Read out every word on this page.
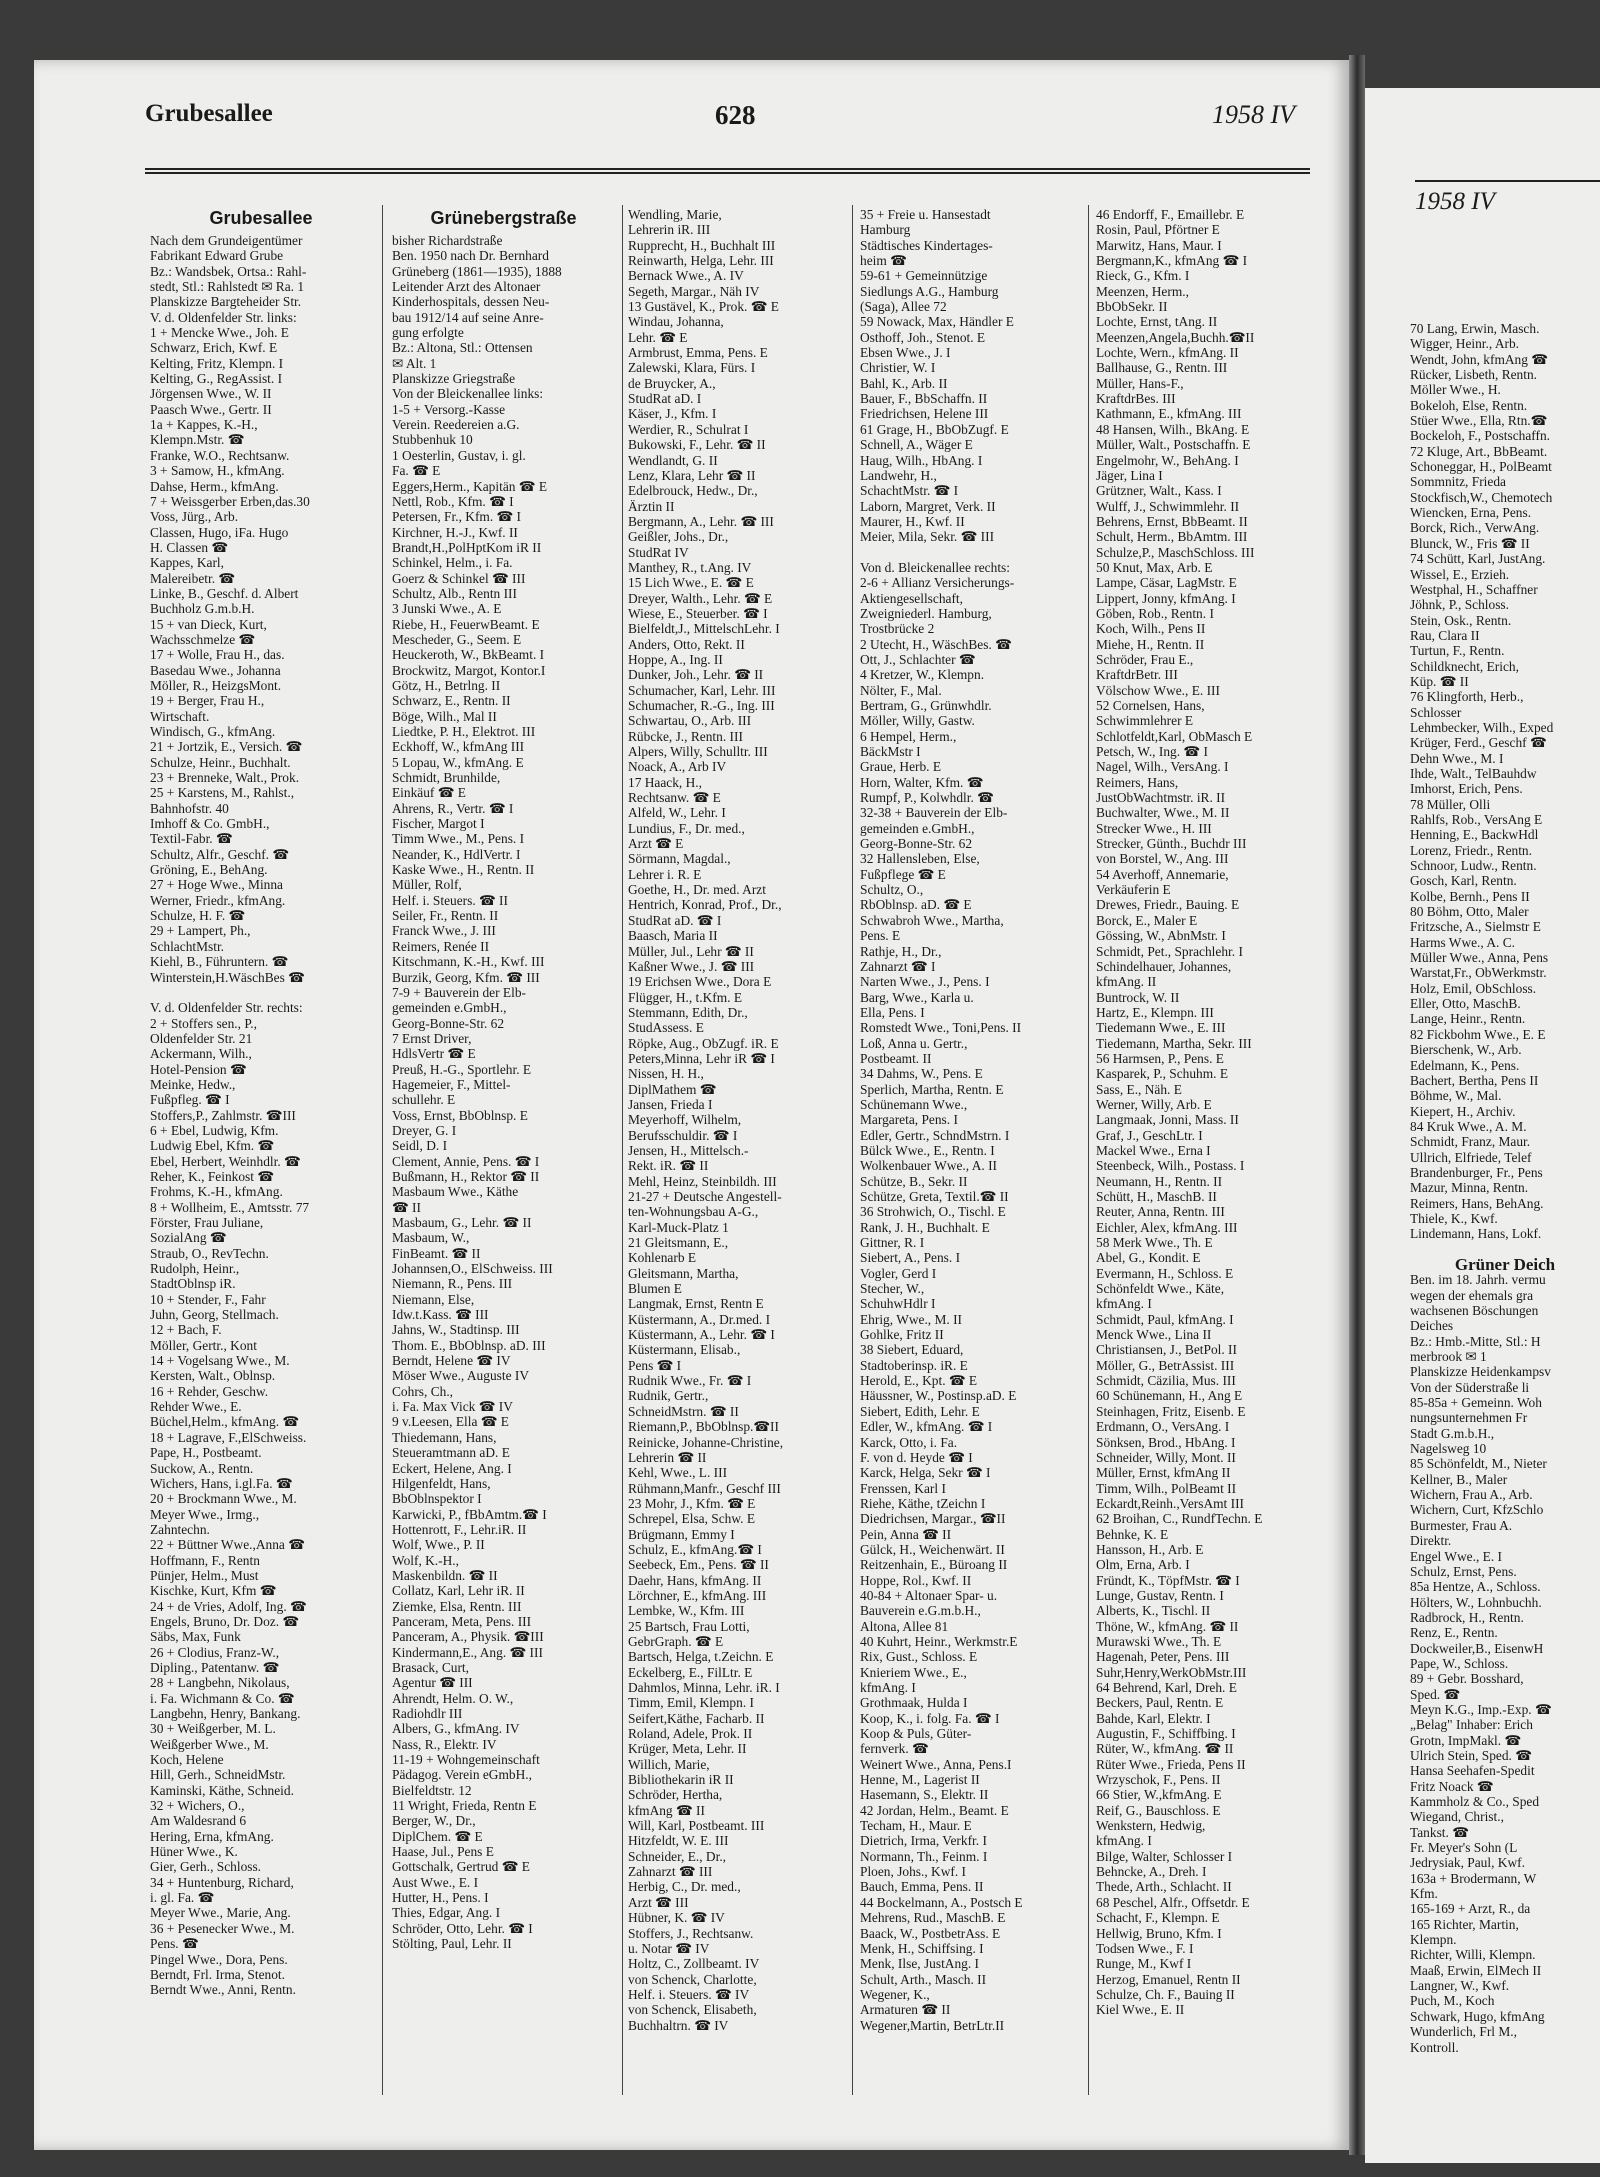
1958 IV
70 Lang, Erwin, Masch.
Wigger, Heinr., Arb.
Wendt, John, kfmAng ☎
Rücker, Lisbeth, Rentn.
Möller Wwe., H.
Bokeloh, Else, Rentn.
Stüer Wwe., Ella, Rtn.☎
Bockeloh, F., Postschaffn.
72 Kluge, Art., BbBeamt.
Schoneggar, H., PolBeamt
Sommnitz, Frieda
Stockfisch,W., Chemotech
Wiencken, Erna, Pens.
Borck, Rich., VerwAng.
Blunck, W., Fris ☎ II
74 Schütt, Karl, JustAng.
Wissel, E., Erzieh.
Westphal, H., Schaffner
Jöhnk, P., Schloss.
Stein, Osk., Rentn.
Rau, Clara II
Turtun, F., Rentn.
Schildknecht, Erich,
Küp. ☎ II
76 Klingforth, Herb.,
Schlosser
Lehmbecker, Wilh., Exped
Krüger, Ferd., Geschf ☎
Dehn Wwe., M. I
Ihde, Walt., TelBauhdw
Imhorst, Erich, Pens.
78 Müller, Olli
Rahlfs, Rob., VersAng E
Henning, E., BackwHdl
Lorenz, Friedr., Rentn.
Schnoor, Ludw., Rentn.
Gosch, Karl, Rentn.
Kolbe, Bernh., Pens II
80 Böhm, Otto, Maler
Fritzsche, A., Sielmstr E
Harms Wwe., A. C.
Müller Wwe., Anna, Pens
Warstat,Fr., ObWerkmstr.
Holz, Emil, ObSchloss.
Eller, Otto, MaschB.
Lange, Heinr., Rentn.
82 Fickbohm Wwe., E. E
Bierschenk, W., Arb.
Edelmann, K., Pens.
Bachert, Bertha, Pens II
Böhme, W., Mal.
Kiepert, H., Archiv.
84 Kruk Wwe., A. M.
Schmidt, Franz, Maur.
Ullrich, Elfriede, Telef
Brandenburger, Fr., Pens
Mazur, Minna, Rentn.
Reimers, Hans, BehAng.
Thiele, K., Kwf.
Lindemann, Hans, Lokf.

Grüner Deich
Ben. im 18. Jahrh. vermu
wegen der ehemals gra
wachsenen Böschungen
Deiches
Bz.: Hmb.-Mitte, Stl.: H
merbrook ✉ 1
Planskizze Heidenkampsv
Von der Süderstraße li
85-85a + Gemeinn. Woh
nungsunternehmen Fr
Stadt G.m.b.H.,
Nagelsweg 10
85 Schönfeldt, M., Nieter
Kellner, B., Maler
Wichern, Frau A., Arb.
Wichern, Curt, KfzSchlo
Burmester, Frau A.
Direktr.
Engel Wwe., E. I
Schulz, Ernst, Pens.
85a Hentze, A., Schloss.
Hölters, W., Lohnbuchh.
Radbrock, H., Rentn.
Renz, E., Rentn.
Dockweiler,B., EisenwH
Pape, W., Schloss.
89 + Gebr. Bosshard,
Sped. ☎
Meyn K.G., Imp.-Exp. ☎
„Belag" Inhaber: Erich
Grotn, ImpMakl. ☎
Ulrich Stein, Sped. ☎
Hansa Seehafen-Spedit
Fritz Noack ☎
Kammholz & Co., Sped
Wiegand, Christ.,
Tankst. ☎
Fr. Meyer's Sohn (L
Jedrysiak, Paul, Kwf.
163a + Brodermann, W
Kfm.
165-169 + Arzt, R., da
165 Richter, Martin,
Klempn.
Richter, Willi, Klempn.
Maaß, Erwin, ElMech II
Langner, W., Kwf.
Puch, M., Koch
Schwark, Hugo, kfmAng
Wunderlich, Frl M.,
Kontroll.
Grubesallee	628	1958 IV
Grubesallee
Nach dem Grundeigentümer
Fabrikant Edward Grube
Bz.: Wandsbek, Ortsa.: Rahl-
stedt, Stl.: Rahlstedt ✉ Ra. 1
Planskizze Bargteheider Str.
V. d. Oldenfelder Str. links:
1 + Mencke Wwe., Joh. E
Schwarz, Erich, Kwf. E
Kelting, Fritz, Klempn. I
Kelting, G., RegAssist. I
Jörgensen Wwe., W. II
Paasch Wwe., Gertr. II
1a + Kappes, K.-H.,
Klempn.Mstr. ☎
Franke, W.O., Rechtsanw.
3 + Samow, H., kfmAng.
Dahse, Herm., kfmAng.
7 + Weissgerber Erben,das.30
Voss, Jürg., Arb.
Classen, Hugo, iFa. Hugo
H. Classen ☎
Kappes, Karl,
Malereibetr. ☎
Linke, B., Geschf. d. Albert
Buchholz G.m.b.H.
15 + van Dieck, Kurt,
Wachsschmelze ☎
17 + Wolle, Frau H., das.
Basedau Wwe., Johanna
Möller, R., HeizgsMont.
19 + Berger, Frau H.,
Wirtschaft.
Windisch, G., kfmAng.
21 + Jortzik, E., Versich. ☎
Schulze, Heinr., Buchhalt.
23 + Brenneke, Walt., Prok.
25 + Karstens, M., Rahlst.,
Bahnhofstr. 40
Imhoff & Co. GmbH.,
Textil-Fabr. ☎
Schultz, Alfr., Geschf. ☎
Gröning, E., BehAng.
27 + Hoge Wwe., Minna
Werner, Friedr., kfmAng.
Schulze, H. F. ☎
29 + Lampert, Ph.,
SchlachtMstr.
Kiehl, B., Führuntern. ☎
Winterstein,H.WäschBes ☎

V. d. Oldenfelder Str. rechts:
2 + Stoffers sen., P.,
Oldenfelder Str. 21
Ackermann, Wilh.,
Hotel-Pension ☎
Meinke, Hedw.,
Fußpfleg. ☎ I
Stoffers,P., Zahlmstr. ☎III
6 + Ebel, Ludwig, Kfm.
Ludwig Ebel, Kfm. ☎
Ebel, Herbert, Weinhdlr. ☎
Reher, K., Feinkost ☎
Frohms, K.-H., kfmAng.
8 + Wollheim, E., Amtsstr. 77
Förster, Frau Juliane,
SozialAng ☎
Straub, O., RevTechn.
Rudolph, Heinr.,
StadtOblnsp iR.
10 + Stender, F., Fahr
Juhn, Georg, Stellmach.
12 + Bach, F.
Möller, Gertr., Kont
14 + Vogelsang Wwe., M.
Kersten, Walt., Oblnsp.
16 + Rehder, Geschw.
Rehder Wwe., E.
Büchel,Helm., kfmAng. ☎
18 + Lagrave, F.,ElSchweiss.
Pape, H., Postbeamt.
Suckow, A., Rentn.
Wichers, Hans, i.gl.Fa. ☎
20 + Brockmann Wwe., M.
Meyer Wwe., Irmg.,
Zahntechn.
22 + Büttner Wwe.,Anna ☎
Hoffmann, F., Rentn
Pünjer, Helm., Must
Kischke, Kurt, Kfm ☎
24 + de Vries, Adolf, Ing. ☎
Engels, Bruno, Dr. Doz. ☎
Säbs, Max, Funk
26 + Clodius, Franz-W.,
Dipling., Patentanw. ☎
28 + Langbehn, Nikolaus,
i. Fa. Wichmann & Co. ☎
Langbehn, Henry, Bankang.
30 + Weißgerber, M. L.
Weißgerber Wwe., M.
Koch, Helene
Hill, Gerh., SchneidMstr.
Kaminski, Käthe, Schneid.
32 + Wichers, O.,
Am Waldesrand 6
Hering, Erna, kfmAng.
Hüner Wwe., K.
Gier, Gerh., Schloss.
34 + Huntenburg, Richard,
i. gl. Fa. ☎
Meyer Wwe., Marie, Ang.
36 + Pesenecker Wwe., M.
Pens. ☎
Pingel Wwe., Dora, Pens.
Berndt, Frl. Irma, Stenot.
Berndt Wwe., Anni, Rentn.
Grünebergstraße
bisher Richardstraße
Ben. 1950 nach Dr. Bernhard
Grüneberg (1861—1935), 1888
Leitender Arzt des Altonaer
Kinderhospitals, dessen Neu-
bau 1912/14 auf seine Anre-
gung erfolgte
Bz.: Altona, Stl.: Ottensen
✉ Alt. 1
Planskizze Griegstraße
Von der Bleickenallee links:
1-5 + Versorg.-Kasse
Verein. Reedereien a.G.
Stubbenhuk 10
1 Oesterlin, Gustav, i. gl.
Fa. ☎ E
Eggers,Herm., Kapitän ☎ E
Nettl, Rob., Kfm. ☎ I
Petersen, Fr., Kfm. ☎ I
Kirchner, H.-J., Kwf. II
Brandt,H.,PolHptKom iR II
Schinkel, Helm., i. Fa.
Goerz & Schinkel ☎ III
Schultz, Alb., Rentn III
3 Junski Wwe., A. E
Riebe, H., FeuerwBeamt. E
Mescheder, G., Seem. E
Heuckeroth, W., BkBeamt. I
Brockwitz, Margot, Kontor.I
Götz, H., Betrlng. II
Schwarz, E., Rentn. II
Böge, Wilh., Mal II
Liedtke, P. H., Elektrot. III
Eckhoff, W., kfmAng III
5 Lopau, W., kfmAng. E
Schmidt, Brunhilde,
Einkäuf ☎ E
Ahrens, R., Vertr. ☎ I
Fischer, Margot I
Timm Wwe., M., Pens. I
Neander, K., HdlVertr. I
Kaske Wwe., H., Rentn. II
Müller, Rolf,
Helf. i. Steuers. ☎ II
Seiler, Fr., Rentn. II
Franck Wwe., J. III
Reimers, Renée II
Kitschmann, K.-H., Kwf. III
Burzik, Georg, Kfm. ☎ III
7-9 + Bauverein der Elb-
gemeinden e.GmbH.,
Georg-Bonne-Str. 62
7 Ernst Driver,
HdlsVertr ☎ E
Preuß, H.-G., Sportlehr. E
Hagemeier, F., Mittel-
schullehr. E
Voss, Ernst, BbOblnsp. E
Dreyer, G. I
Seidl, D. I
Clement, Annie, Pens. ☎ I
Bußmann, H., Rektor ☎ II
Masbaum Wwe., Käthe
☎ II
Masbaum, G., Lehr. ☎ II
Masbaum, W.,
FinBeamt. ☎ II
Johannsen,O., ElSchweiss. III
Niemann, R., Pens. III
Niemann, Else,
Idw.t.Kass. ☎ III
Jahns, W., Stadtinsp. III
Thom. E., BbOblnsp. aD. III
Berndt, Helene ☎ IV
Möser Wwe., Auguste IV
Cohrs, Ch.,
i. Fa. Max Vick ☎ IV
9 v.Leesen, Ella ☎ E
Thiedemann, Hans,
Steueramtmann aD. E
Eckert, Helene, Ang. I
Hilgenfeldt, Hans,
BbOblnspektor I
Karwicki, P., fBbAmtm.☎ I
Hottenrott, F., Lehr.iR. II
Wolf, Wwe., P. II
Wolf, K.-H.,
Maskenbildn. ☎ II
Collatz, Karl, Lehr iR. II
Ziemke, Elsa, Rentn. III
Panceram, Meta, Pens. III
Panceram, A., Physik. ☎III
Kindermann,E., Ang. ☎ III
Brasack, Curt,
Agentur ☎ III
Ahrendt, Helm. O. W.,
Radiohdlr III
Albers, G., kfmAng. IV
Nass, R., Elektr. IV
11-19 + Wohngemeinschaft
Pädagog. Verein eGmbH.,
Bielfeldtstr. 12
11 Wright, Frieda, Rentn E
Berger, W., Dr.,
DiplChem. ☎ E
Haase, Jul., Pens E
Gottschalk, Gertrud ☎ E
Aust Wwe., E. I
Hutter, H., Pens. I
Thies, Edgar, Ang. I
Schröder, Otto, Lehr. ☎ I
Stölting, Paul, Lehr. II
Wendling, Marie,
Lehrerin iR. III
Rupprecht, H., Buchhalt III
Reinwarth, Helga, Lehr. III
Bernack Wwe., A. IV
Segeth, Margar., Näh IV
13 Gustävel, K., Prok. ☎ E
Windau, Johanna,
Lehr. ☎ E
Armbrust, Emma, Pens. E
Zalewski, Klara, Fürs. I
de Bruycker, A.,
StudRat aD. I
Käser, J., Kfm. I
Werdier, R., Schulrat I
Bukowski, F., Lehr. ☎ II
Wendlandt, G. II
Lenz, Klara, Lehr ☎ II
Edelbrouck, Hedw., Dr.,
Ärztin II
Bergmann, A., Lehr. ☎ III
Geißler, Johs., Dr.,
StudRat IV
Manthey, R., t.Ang. IV
15 Lich Wwe., E. ☎ E
Dreyer, Walth., Lehr. ☎ E
Wiese, E., Steuerber. ☎ I
Bielfeldt,J., MittelschLehr. I
Anders, Otto, Rekt. II
Hoppe, A., Ing. II
Dunker, Joh., Lehr. ☎ II
Schumacher, Karl, Lehr. III
Schumacher, R.-G., Ing. III
Schwartau, O., Arb. III
Rübcke, J., Rentn. III
Alpers, Willy, Schulltr. III
Noack, A., Arb IV
17 Haack, H.,
Rechtsanw. ☎ E
Alfeld, W., Lehr. I
Lundius, F., Dr. med.,
Arzt ☎ E
Sörmann, Magdal.,
Lehrer i. R. E
Goethe, H., Dr. med. Arzt
Hentrich, Konrad, Prof., Dr.,
StudRat aD. ☎ I
Baasch, Maria II
Müller, Jul., Lehr ☎ II
Kaßner Wwe., J. ☎ III
19 Erichsen Wwe., Dora E
Flügger, H., t.Kfm. E
Stemmann, Edith, Dr.,
StudAssess. E
Röpke, Aug., ObZugf. iR. E
Peters,Minna, Lehr iR ☎ I
Nissen, H. H.,
DiplMathem ☎
Jansen, Frieda I
Meyerhoff, Wilhelm,
Berufsschuldir. ☎ I
Jensen, H., Mittelsch.-
Rekt. iR. ☎ II
Mehl, Heinz, Steinbildh. III
21-27 + Deutsche Angestell-
ten-Wohnungsbau A-G.,
Karl-Muck-Platz 1
21 Gleitsmann, E.,
Kohlenarb E
Gleitsmann, Martha,
Blumen E
Langmak, Ernst, Rentn E
Küstermann, A., Dr.med. I
Küstermann, A., Lehr. ☎ I
Küstermann, Elisab.,
Pens ☎ I
Rudnik Wwe., Fr. ☎ I
Rudnik, Gertr.,
SchneidMstrn. ☎ II
Riemann,P., BbOblnsp.☎II
Reinicke, Johanne-Christine,
Lehrerin ☎ II
Kehl, Wwe., L. III
Rühmann,Manfr., Geschf III
23 Mohr, J., Kfm. ☎ E
Schrepel, Elsa, Schw. E
Brügmann, Emmy I
Schulz, E., kfmAng.☎ I
Seebeck, Em., Pens. ☎ II
Daehr, Hans, kfmAng. II
Lörchner, E., kfmAng. III
Lembke, W., Kfm. III
25 Bartsch, Frau Lotti,
GebrGraph. ☎ E
Bartsch, Helga, t.Zeichn. E
Eckelberg, E., FilLtr. E
Dahmlos, Minna, Lehr. iR. I
Timm, Emil, Klempn. I
Seifert,Käthe, Facharb. II
Roland, Adele, Prok. II
Krüger, Meta, Lehr. II
Willich, Marie,
Bibliothekarin iR II
Schröder, Hertha,
kfmAng ☎ II
Will, Karl, Postbeamt. III
Hitzfeldt, W. E. III
Schneider, E., Dr.,
Zahnarzt ☎ III
Herbig, C., Dr. med.,
Arzt ☎ III
Hübner, K. ☎ IV
Stoffers, J., Rechtsanw.
u. Notar ☎ IV
Holtz, C., Zollbeamt. IV
von Schenck, Charlotte,
Helf. i. Steuers. ☎ IV
von Schenck, Elisabeth,
Buchhaltrn. ☎ IV
35 + Freie u. Hansestadt
Hamburg
Städtisches Kindertages-
heim ☎
59-61 + Gemeinnützige
Siedlungs A.G., Hamburg
(Saga), Allee 72
59 Nowack, Max, Händler E
Osthoff, Joh., Stenot. E
Ebsen Wwe., J. I
Christier, W. I
Bahl, K., Arb. II
Bauer, F., BbSchaffn. II
Friedrichsen, Helene III
61 Grage, H., BbObZugf. E
Schnell, A., Wäger E
Haug, Wilh., HbAng. I
Landwehr, H.,
SchachtMstr. ☎ I
Laborn, Margret, Verk. II
Maurer, H., Kwf. II
Meier, Mila, Sekr. ☎ III

Von d. Bleickenallee rechts:
2-6 + Allianz Versicherungs-
Aktiengesellschaft,
Zweigniederl. Hamburg,
Trostbrücke 2
2 Utecht, H., WäschBes. ☎
Ott, J., Schlachter ☎
4 Kretzer, W., Klempn.
Nölter, F., Mal.
Bertram, G., Grünwhdlr.
Möller, Willy, Gastw.
6 Hempel, Herm.,
BäckMstr I
Graue, Herb. E
Horn, Walter, Kfm. ☎
Rumpf, P., Kolwhdlr. ☎
32-38 + Bauverein der Elb-
gemeinden e.GmbH.,
Georg-Bonne-Str. 62
32 Hallensleben, Else,
Fußpflege ☎ E
Schultz, O.,
RbOblnsp. aD. ☎ E
Schwabroh Wwe., Martha,
Pens. E
Rathje, H., Dr.,
Zahnarzt ☎ I
Narten Wwe., J., Pens. I
Barg, Wwe., Karla u.
Ella, Pens. I
Romstedt Wwe., Toni,Pens. II
Loß, Anna u. Gertr.,
Postbeamt. II
34 Dahms, W., Pens. E
Sperlich, Martha, Rentn. E
Schünemann Wwe.,
Margareta, Pens. I
Edler, Gertr., SchndMstrn. I
Bülck Wwe., E., Rentn. I
Wolkenbauer Wwe., A. II
Schütze, B., Sekr. II
Schütze, Greta, Textil.☎ II
36 Strohwich, O., Tischl. E
Rank, J. H., Buchhalt. E
Gittner, R. I
Siebert, A., Pens. I
Vogler, Gerd I
Stecher, W.,
SchuhwHdlr I
Ehrig, Wwe., M. II
Gohlke, Fritz II
38 Siebert, Eduard,
Stadtoberinsp. iR. E
Herold, E., Kpt. ☎ E
Häussner, W., Postinsp.aD. E
Siebert, Edith, Lehr. E
Edler, W., kfmAng. ☎ I
Karck, Otto, i. Fa.
F. von d. Heyde ☎ I
Karck, Helga, Sekr ☎ I
Frenssen, Karl I
Riehe, Käthe, tZeichn I
Diedrichsen, Margar., ☎II
Pein, Anna ☎ II
Gülck, H., Weichenwärt. II
Reitzenhain, E., Büroang II
Hoppe, Rol., Kwf. II
40-84 + Altonaer Spar- u.
Bauverein e.G.m.b.H.,
Altona, Allee 81
40 Kuhrt, Heinr., Werkmstr.E
Rix, Gust., Schloss. E
Knieriem Wwe., E.,
kfmAng. I
Grothmaak, Hulda I
Koop, K., i. folg. Fa. ☎ I
Koop & Puls, Güter-
fernverk. ☎
Weinert Wwe., Anna, Pens.I
Henne, M., Lagerist II
Hasemann, S., Elektr. II
42 Jordan, Helm., Beamt. E
Techam, H., Maur. E
Dietrich, Irma, Verkfr. I
Normann, Th., Feinm. I
Ploen, Johs., Kwf. I
Bauch, Emma, Pens. II
44 Bockelmann, A., Postsch E
Mehrens, Rud., MaschB. E
Baack, W., PostbetrAss. E
Menk, H., Schiffsing. I
Menk, Ilse, JustAng. I
Schult, Arth., Masch. II
Wegener, K.,
Armaturen ☎ II
Wegener,Martin, BetrLtr.II
46 Endorff, F., Emaillebr. E
Rosin, Paul, Pförtner E
Marwitz, Hans, Maur. I
Bergmann,K., kfmAng ☎ I
Rieck, G., Kfm. I
Meenzen, Herm.,
BbObSekr. II
Lochte, Ernst, tAng. II
Meenzen,Angela,Buchh.☎II
Lochte, Wern., kfmAng. II
Ballhause, G., Rentn. III
Müller, Hans-F.,
KraftdrBes. III
Kathmann, E., kfmAng. III
48 Hansen, Wilh., BkAng. E
Müller, Walt., Postschaffn. E
Engelmohr, W., BehAng. I
Jäger, Lina I
Grützner, Walt., Kass. I
Wulff, J., Schwimmlehr. II
Behrens, Ernst, BbBeamt. II
Schult, Herm., BbAmtm. III
Schulze,P., MaschSchloss. III
50 Knut, Max, Arb. E
Lampe, Cäsar, LagMstr. E
Lippert, Jonny, kfmAng. I
Göben, Rob., Rentn. I
Koch, Wilh., Pens II
Miehe, H., Rentn. II
Schröder, Frau E.,
KraftdrBetr. III
Völschow Wwe., E. III
52 Cornelsen, Hans,
Schwimmlehrer E
Schlotfeldt,Karl, ObMasch E
Petsch, W., Ing. ☎ I
Nagel, Wilh., VersAng. I
Reimers, Hans,
JustObWachtmstr. iR. II
Buchwalter, Wwe., M. II
Strecker Wwe., H. III
Strecker, Günth., Buchdr III
von Borstel, W., Ang. III
54 Averhoff, Annemarie,
Verkäuferin E
Drewes, Friedr., Bauing. E
Borck, E., Maler E
Gössing, W., AbnMstr. I
Schmidt, Pet., Sprachlehr. I
Schindelhauer, Johannes,
kfmAng. II
Buntrock, W. II
Hartz, E., Klempn. III
Tiedemann Wwe., E. III
Tiedemann, Martha, Sekr. III
56 Harmsen, P., Pens. E
Kasparek, P., Schuhm. E
Sass, E., Näh. E
Werner, Willy, Arb. E
Langmaak, Jonni, Mass. II
Graf, J., GeschLtr. I
Mackel Wwe., Erna I
Steenbeck, Wilh., Postass. I
Neumann, H., Rentn. II
Schütt, H., MaschB. II
Reuter, Anna, Rentn. III
Eichler, Alex, kfmAng. III
58 Merk Wwe., Th. E
Abel, G., Kondit. E
Evermann, H., Schloss. E
Schönfeldt Wwe., Käte,
kfmAng. I
Schmidt, Paul, kfmAng. I
Menck Wwe., Lina II
Christiansen, J., BetPol. II
Möller, G., BetrAssist. III
Schmidt, Cäzilia, Mus. III
60 Schünemann, H., Ang E
Steinhagen, Fritz, Eisenb. E
Erdmann, O., VersAng. I
Sönksen, Brod., HbAng. I
Schneider, Willy, Mont. II
Müller, Ernst, kfmAng II
Timm, Wilh., PolBeamt II
Eckardt,Reinh.,VersAmt III
62 Broihan, C., RundfTechn. E
Behnke, K. E
Hansson, H., Arb. E
Olm, Erna, Arb. I
Fründt, K., TöpfMstr. ☎ I
Lunge, Gustav, Rentn. I
Alberts, K., Tischl. II
Thöne, W., kfmAng. ☎ II
Murawski Wwe., Th. E
Hagenah, Peter, Pens. III
Suhr,Henry,WerkObMstr.III
64 Behrend, Karl, Dreh. E
Beckers, Paul, Rentn. E
Bahde, Karl, Elektr. I
Augustin, F., Schiffbing. I
Rüter, W., kfmAng. ☎ II
Rüter Wwe., Frieda, Pens II
Wrzyschok, F., Pens. II
66 Stier, W.,kfmAng. E
Reif, G., Bauschloss. E
Wenkstern, Hedwig,
kfmAng. I
Bilge, Walter, Schlosser I
Behncke, A., Dreh. I
Thede, Arth., Schlacht. II
68 Peschel, Alfr., Offsetdr. E
Schacht, F., Klempn. E
Hellwig, Bruno, Kfm. I
Todsen Wwe., F. I
Runge, M., Kwf I
Herzog, Emanuel, Rentn II
Schulze, Ch. F., Bauing II
Kiel Wwe., E. II
